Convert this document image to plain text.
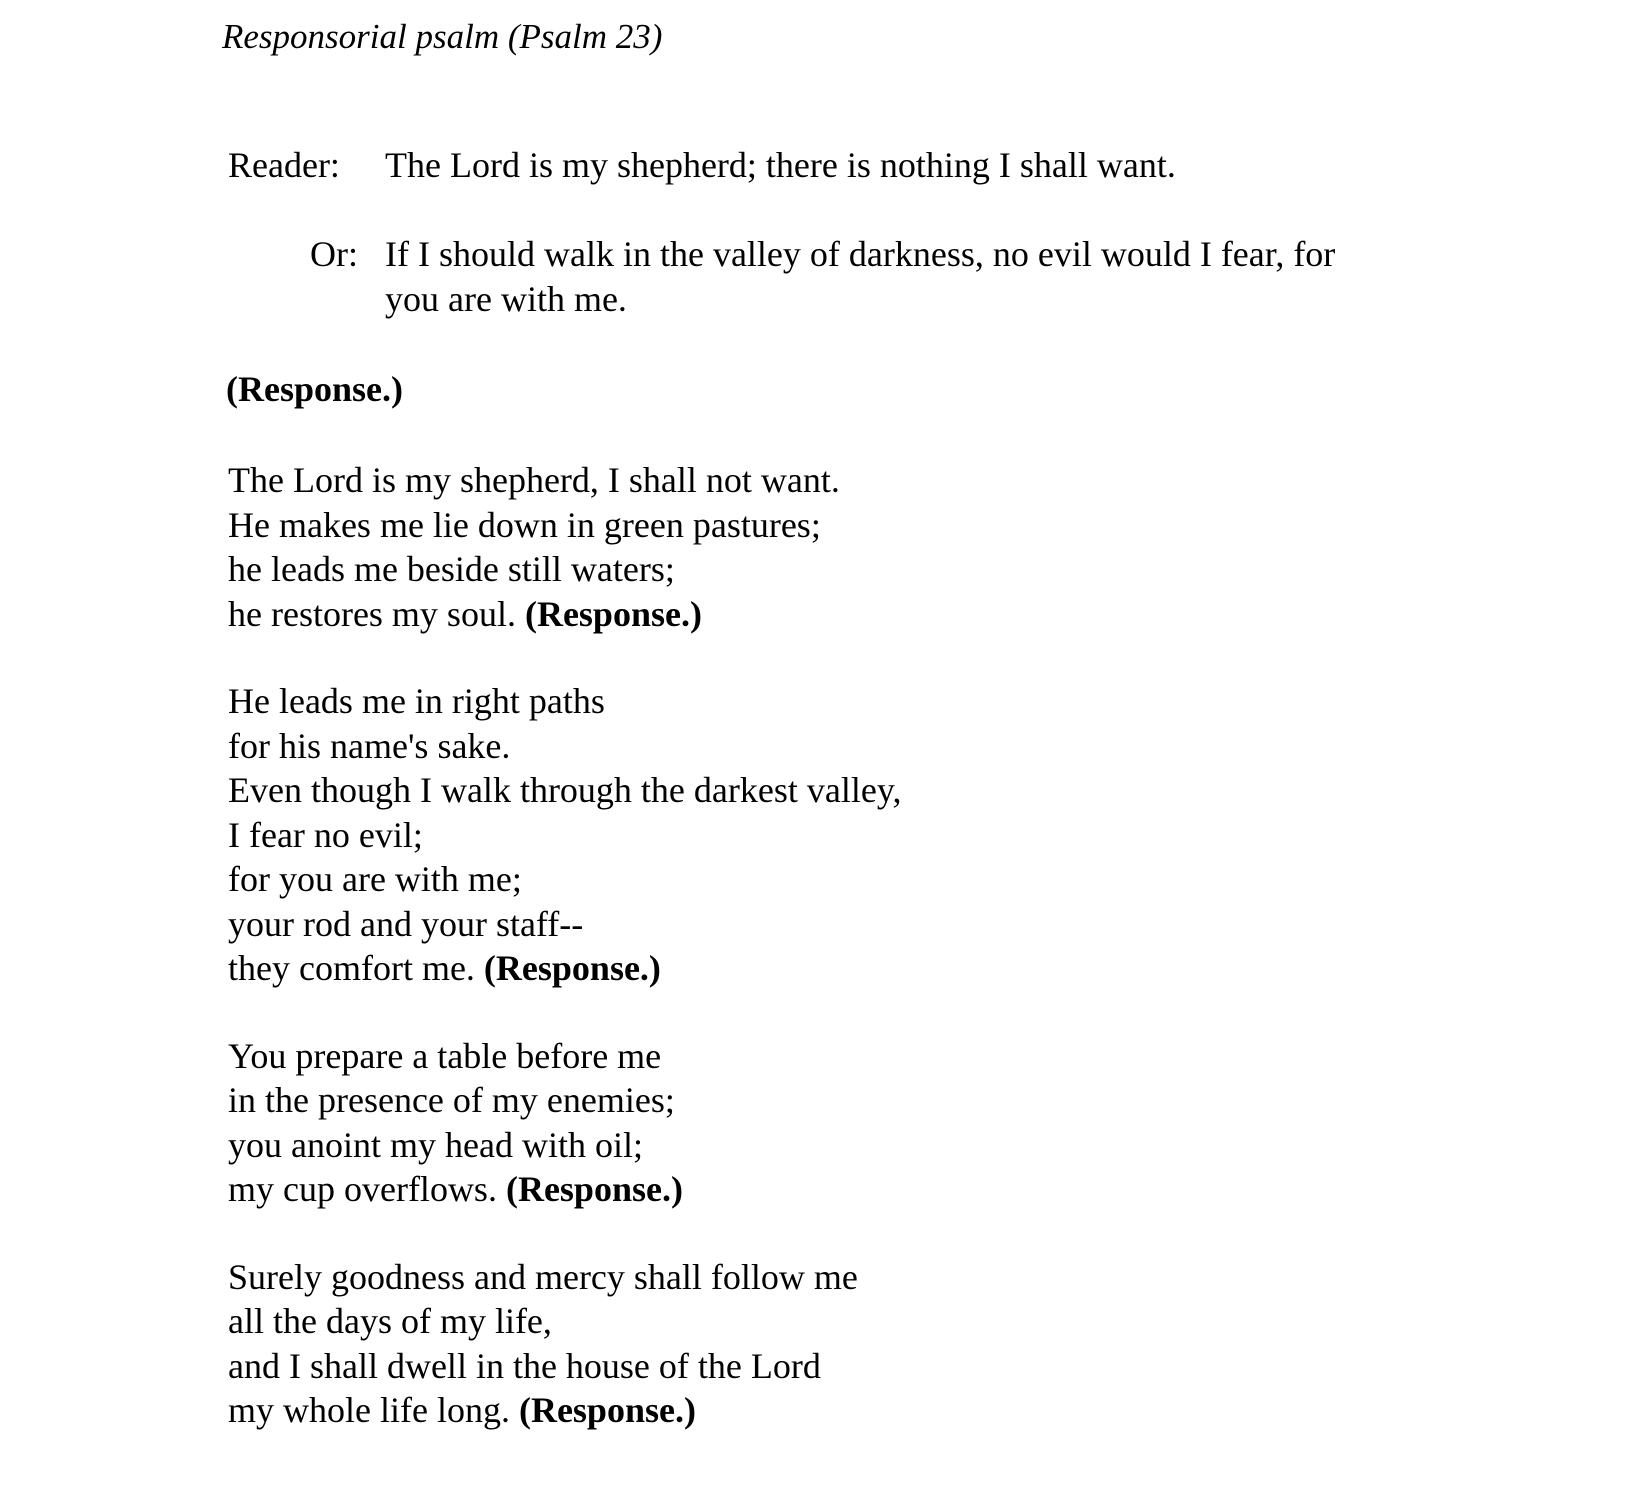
Responsorial psalm (Psalm 23)
Reader:	The Lord is my shepherd; there is nothing I shall want.
Or: If I should walk in the valley of darkness, no evil would I fear, for you are with me.
(Response.)
The Lord is my shepherd, I shall not want.
He makes me lie down in green pastures;
he leads me beside still waters;
he restores my soul. (Response.)
He leads me in right paths
for his name's sake.
Even though I walk through the darkest valley,
I fear no evil;
for you are with me;
your rod and your staff--
they comfort me. (Response.)
You prepare a table before me
in the presence of my enemies;
you anoint my head with oil;
my cup overflows. (Response.)
Surely goodness and mercy shall follow me
all the days of my life,
and I shall dwell in the house of the Lord
my whole life long. (Response.)
